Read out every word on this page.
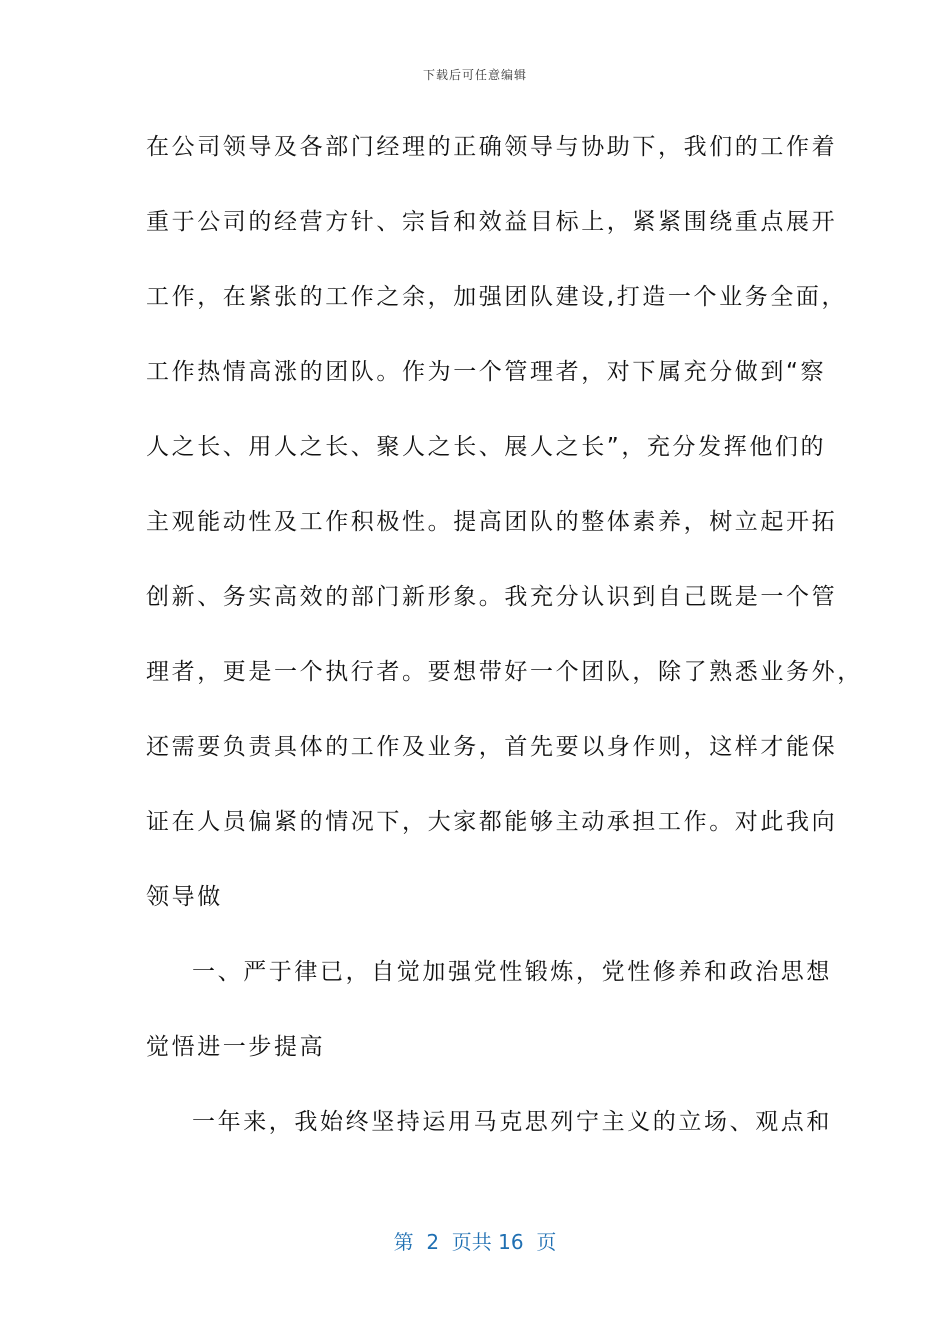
下载后可任意编辑
在公司领导及各部门经理的正确领导与协助下，我们的工作着
重于公司的经营方针、宗旨和效益目标上，紧紧围绕重点展开
工作，在紧张的工作之余，加强团队建设,打造一个业务全面，
工作热情高涨的团队。作为一个管理者，对下属充分做到“察
人之长、用人之长、聚人之长、展人之长”，充分发挥他们的
主观能动性及工作积极性。提高团队的整体素养，树立起开拓
创新、务实高效的部门新形象。我充分认识到自己既是一个管
理者，更是一个执行者。要想带好一个团队，除了熟悉业务外，
还需要负责具体的工作及业务，首先要以身作则，这样才能保
证在人员偏紧的情况下，大家都能够主动承担工作。对此我向
领导做
一、严于律已，自觉加强党性锻炼，党性修养和政治思想
觉悟进一步提高
一年来，我始终坚持运用马克思列宁主义的立场、观点和
第  2  页共 16  页
